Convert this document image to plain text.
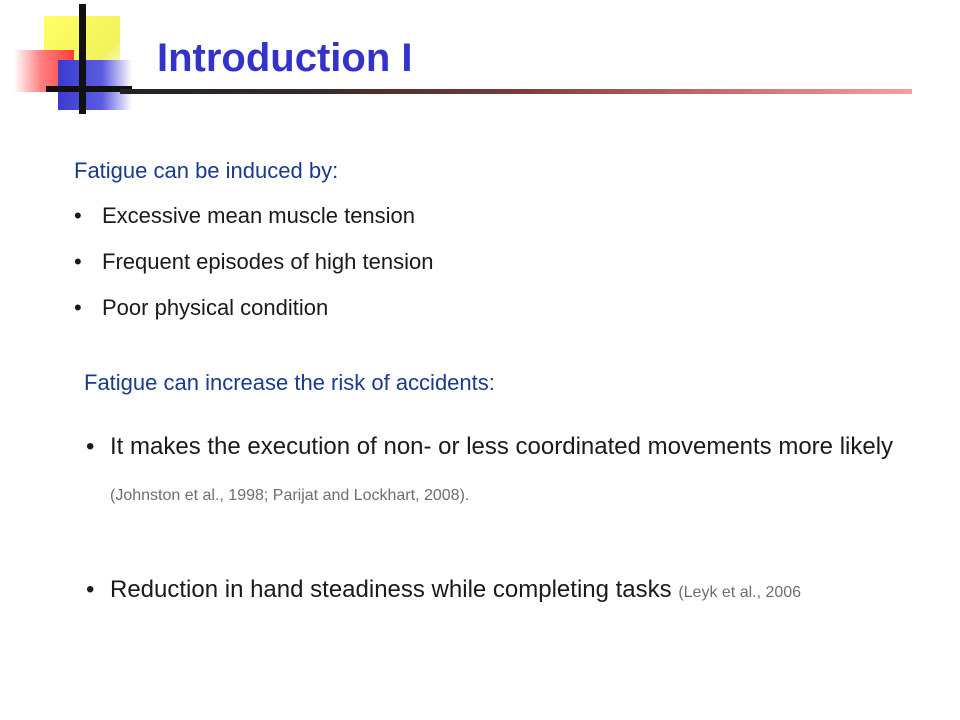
Introduction I

Fatigue can be induced by:

• Excessive mean muscle tension

• Frequent episodes of high tension

• Poor physical condition

Fatigue can increase the risk of accidents:

• It makes the execution of non- or less coordinated movements more likely (Johnston et al., 1998; Parijat and Lockhart, 2008).

• Reduction in hand steadiness while completing tasks (Leyk et al., 2006
